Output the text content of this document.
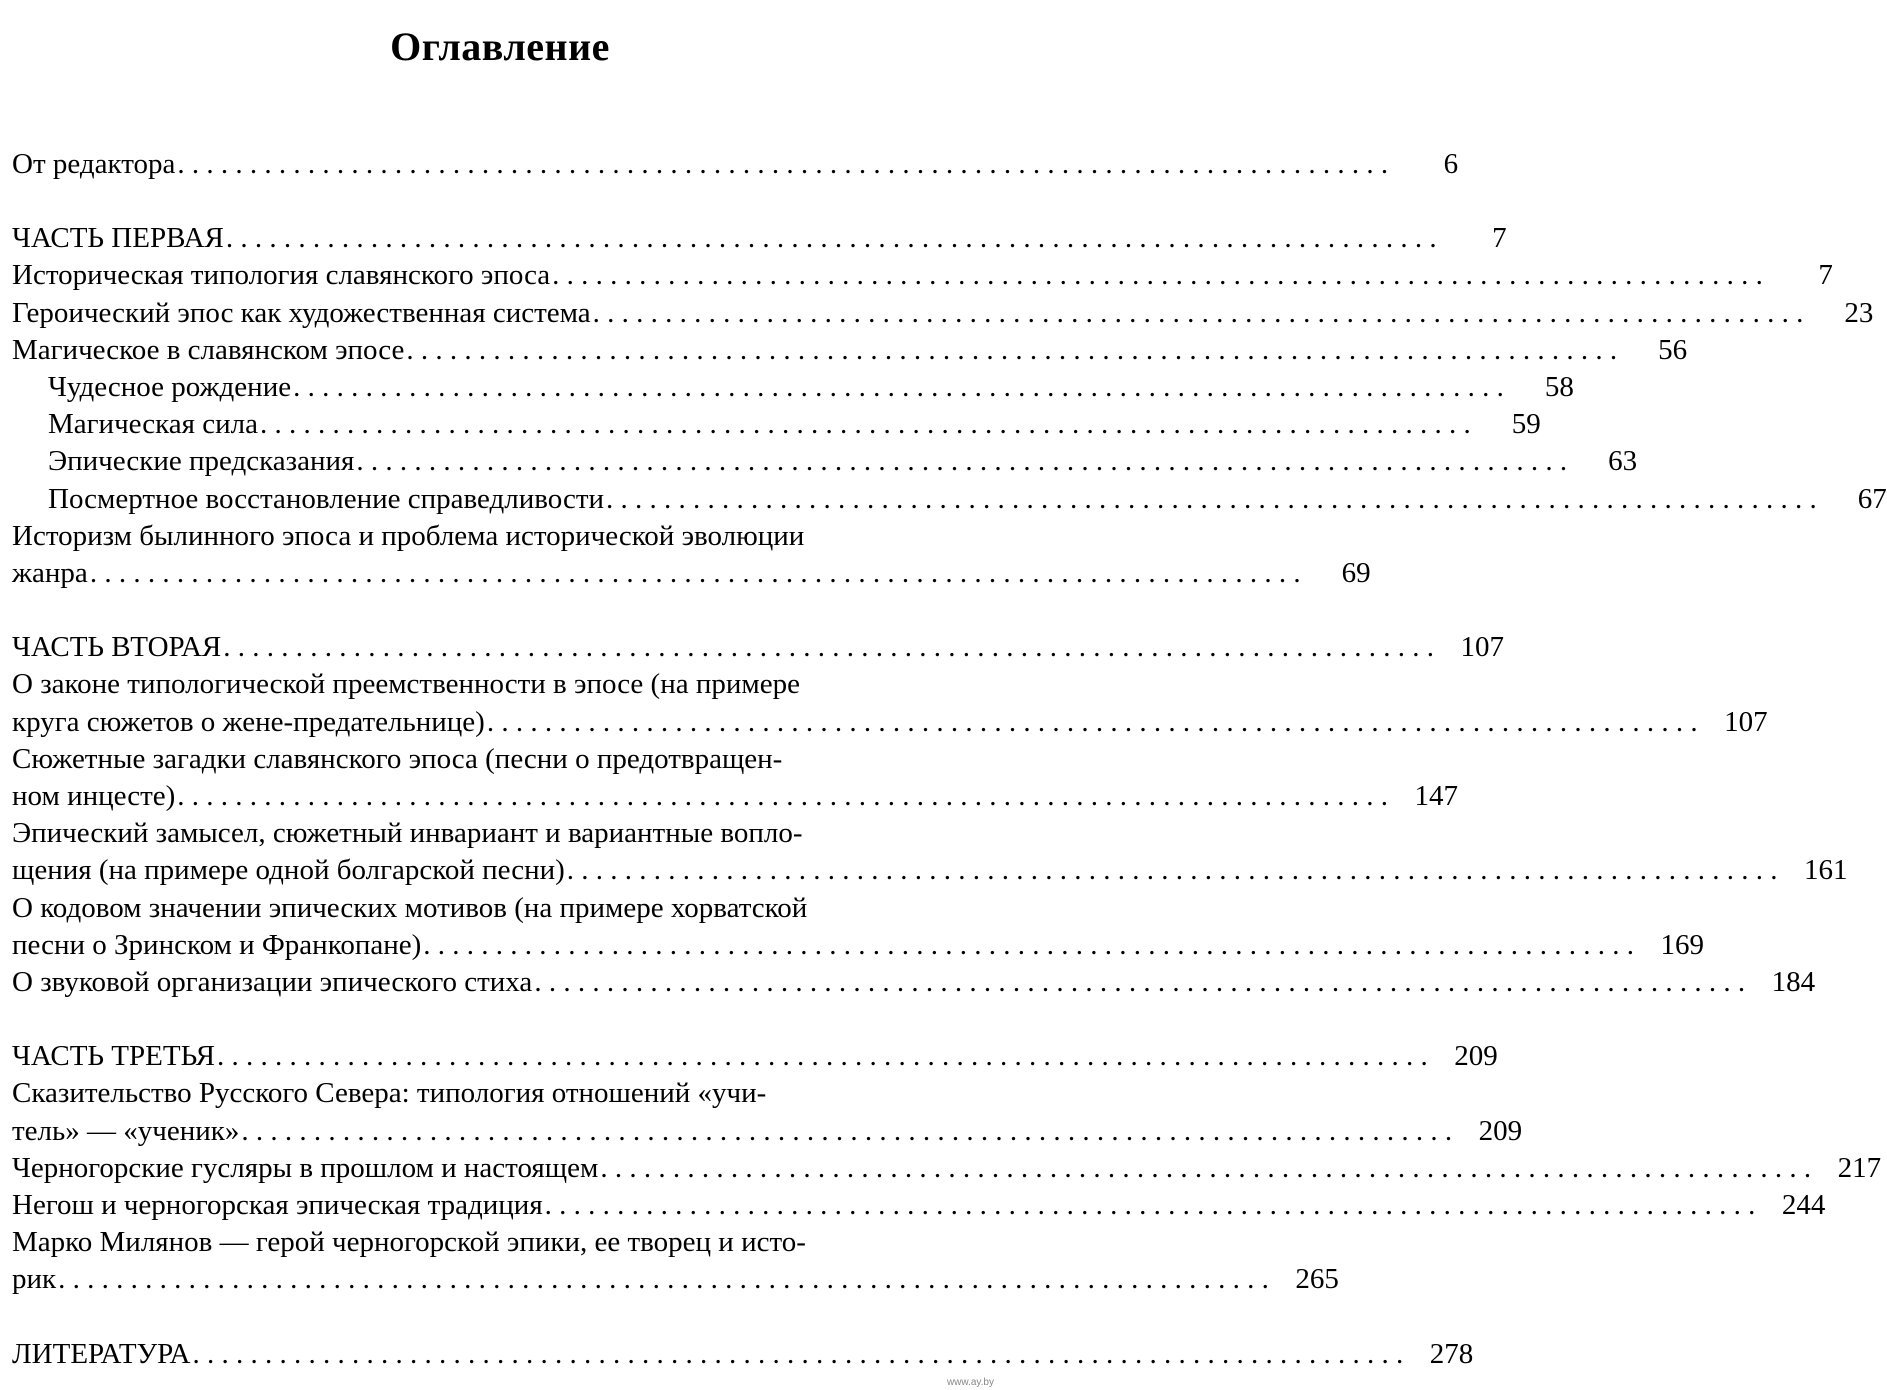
Оглавление
От редактора . . . . . . . . . . . . . . . . . . . . . . . . . . . . . . . . . . . . . . . . . . . . . . . . . . . . . . . . . . . . . . . . . . . . . . . . . . . . . . . . . . . .	6
ЧАСТЬ ПЕРВАЯ . . . . . . . . . . . . . . . . . . . . . . . . . . . . . . . . . . . . . . . . . . . . . . . . . . . . . . . . . . . . . . . . . . . . . . . . . . . . . . . . . . . .	7
Историческая типология славянского эпоса . . . . . . . . . . . . . . . . . . . . . . . . . . . . . . . . . . . . . . . . . . . . . . . . . . . . . . . . . . . . . . . . . . . . . . . . . . . . . . . . . . . .	7
Героический эпос как художественная система . . . . . . . . . . . . . . . . . . . . . . . . . . . . . . . . . . . . . . . . . . . . . . . . . . . . . . . . . . . . . . . . . . . . . . . . . . . . . . . . . . . .	23
Магическое в славянском эпосе . . . . . . . . . . . . . . . . . . . . . . . . . . . . . . . . . . . . . . . . . . . . . . . . . . . . . . . . . . . . . . . . . . . . . . . . . . . . . . . . . . . .	56
Чудесное рождение . . . . . . . . . . . . . . . . . . . . . . . . . . . . . . . . . . . . . . . . . . . . . . . . . . . . . . . . . . . . . . . . . . . . . . . . . . . . . . . . . . . .	58
Магическая сила . . . . . . . . . . . . . . . . . . . . . . . . . . . . . . . . . . . . . . . . . . . . . . . . . . . . . . . . . . . . . . . . . . . . . . . . . . . . . . . . . . . .	59
Эпические предсказания . . . . . . . . . . . . . . . . . . . . . . . . . . . . . . . . . . . . . . . . . . . . . . . . . . . . . . . . . . . . . . . . . . . . . . . . . . . . . . . . . . . .	63
Посмертное восстановление справедливости . . . . . . . . . . . . . . . . . . . . . . . . . . . . . . . . . . . . . . . . . . . . . . . . . . . . . . . . . . . . . . . . . . . . . . . . . . . . . . . . . . . .	67
Историзм былинного эпоса и проблема исторической эволюции
жанра . . . . . . . . . . . . . . . . . . . . . . . . . . . . . . . . . . . . . . . . . . . . . . . . . . . . . . . . . . . . . . . . . . . . . . . . . . . . . . . . . . . .	69
ЧАСТЬ ВТОРАЯ . . . . . . . . . . . . . . . . . . . . . . . . . . . . . . . . . . . . . . . . . . . . . . . . . . . . . . . . . . . . . . . . . . . . . . . . . . . . . . . . . . . . 107
О законе типологической преемственности в эпосе (на примере
круга сюжетов о жене-предательнице) . . . . . . . . . . . . . . . . . . . . . . . . . . . . . . . . . . . . . . . . . . . . . . . . . . . . . . . . . . . . . . . . . . . . . . . . . . . . . . . . . . . . 107
Сюжетные загадки славянского эпоса (песни о предотвращен-
ном инцесте) . . . . . . . . . . . . . . . . . . . . . . . . . . . . . . . . . . . . . . . . . . . . . . . . . . . . . . . . . . . . . . . . . . . . . . . . . . . . . . . . . . . . 147
Эпический замысел, сюжетный инвариант и вариантные вопло-
щения (на примере одной болгарской песни) . . . . . . . . . . . . . . . . . . . . . . . . . . . . . . . . . . . . . . . . . . . . . . . . . . . . . . . . . . . . . . . . . . . . . . . . . . . . . . . . . . . . 161
О кодовом значении эпических мотивов (на примере хорватской
песни о Зринском и Франкопане) . . . . . . . . . . . . . . . . . . . . . . . . . . . . . . . . . . . . . . . . . . . . . . . . . . . . . . . . . . . . . . . . . . . . . . . . . . . . . . . . . . . . 169
О звуковой организации эпического стиха . . . . . . . . . . . . . . . . . . . . . . . . . . . . . . . . . . . . . . . . . . . . . . . . . . . . . . . . . . . . . . . . . . . . . . . . . . . . . . . . . . . . 184
ЧАСТЬ ТРЕТЬЯ . . . . . . . . . . . . . . . . . . . . . . . . . . . . . . . . . . . . . . . . . . . . . . . . . . . . . . . . . . . . . . . . . . . . . . . . . . . . . . . . . . . . 209
Сказительство Русского Севера: типология отношений «учи-
тель» — «ученик» . . . . . . . . . . . . . . . . . . . . . . . . . . . . . . . . . . . . . . . . . . . . . . . . . . . . . . . . . . . . . . . . . . . . . . . . . . . . . . . . . . . . 209
Черногорские гусляры в прошлом и настоящем . . . . . . . . . . . . . . . . . . . . . . . . . . . . . . . . . . . . . . . . . . . . . . . . . . . . . . . . . . . . . . . . . . . . . . . . . . . . . . . . . . . . 217
Негош и черногорская эпическая традиция . . . . . . . . . . . . . . . . . . . . . . . . . . . . . . . . . . . . . . . . . . . . . . . . . . . . . . . . . . . . . . . . . . . . . . . . . . . . . . . . . . . . 244
Марко Милянов — герой черногорской эпики, ее творец и исто-
рик . . . . . . . . . . . . . . . . . . . . . . . . . . . . . . . . . . . . . . . . . . . . . . . . . . . . . . . . . . . . . . . . . . . . . . . . . . . . . . . . . . . . 265
ЛИТЕРАТУРА . . . . . . . . . . . . . . . . . . . . . . . . . . . . . . . . . . . . . . . . . . . . . . . . . . . . . . . . . . . . . . . . . . . . . . . . . . . . . . . . . . . . 278
www.ay.by
